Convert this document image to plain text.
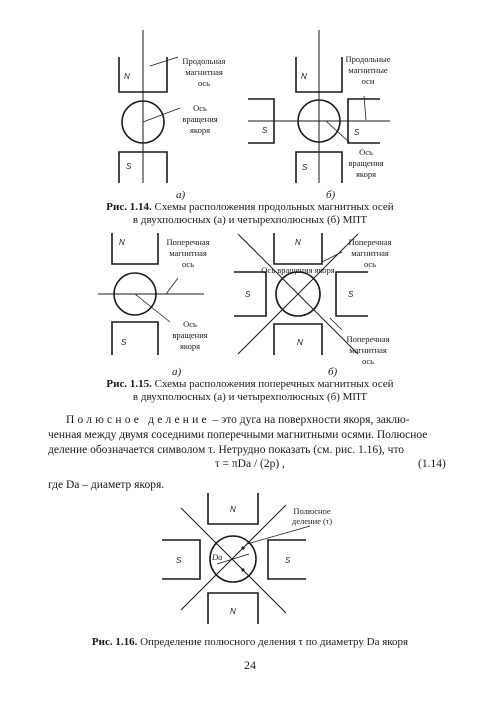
N
S
N
S
S	S
N
S
N
N
S	S
N
N
S	S
Продольная
магнитная
ось
Ось
вращения
якоря
а)
Продольные
магнитные
оси
Ось
вращения
якоря
б)
Поперечная
магнитная
ось
Ось
вращения
якоря
а)
Ось вращения якоря
Поперечная
магнитная
ось
Поперечная
магнитная
ось
б)
Полюсное
деление (τ)
Da
Рис. 1.14. Схемы расположения продольных магнитных осей
в двухполюсных (а) и четырехполюсных (б) МПТ
Рис. 1.15. Схемы расположения поперечных магнитных осей
в двухполюсных (а) и четырехполюсных (б) МПТ
Полюсное деление – это дуга на поверхности якоря, заклю-
ченная между двумя соседними поперечными магнитными осями. Полюсное
деление обозначается символом τ. Нетрудно показать (см. рис. 1.16), что
τ = πDa / (2p) ,	(1.14)
где Da – диаметр якоря.
Рис. 1.16. Определение полюсного деления τ по диаметру Da якоря
24
